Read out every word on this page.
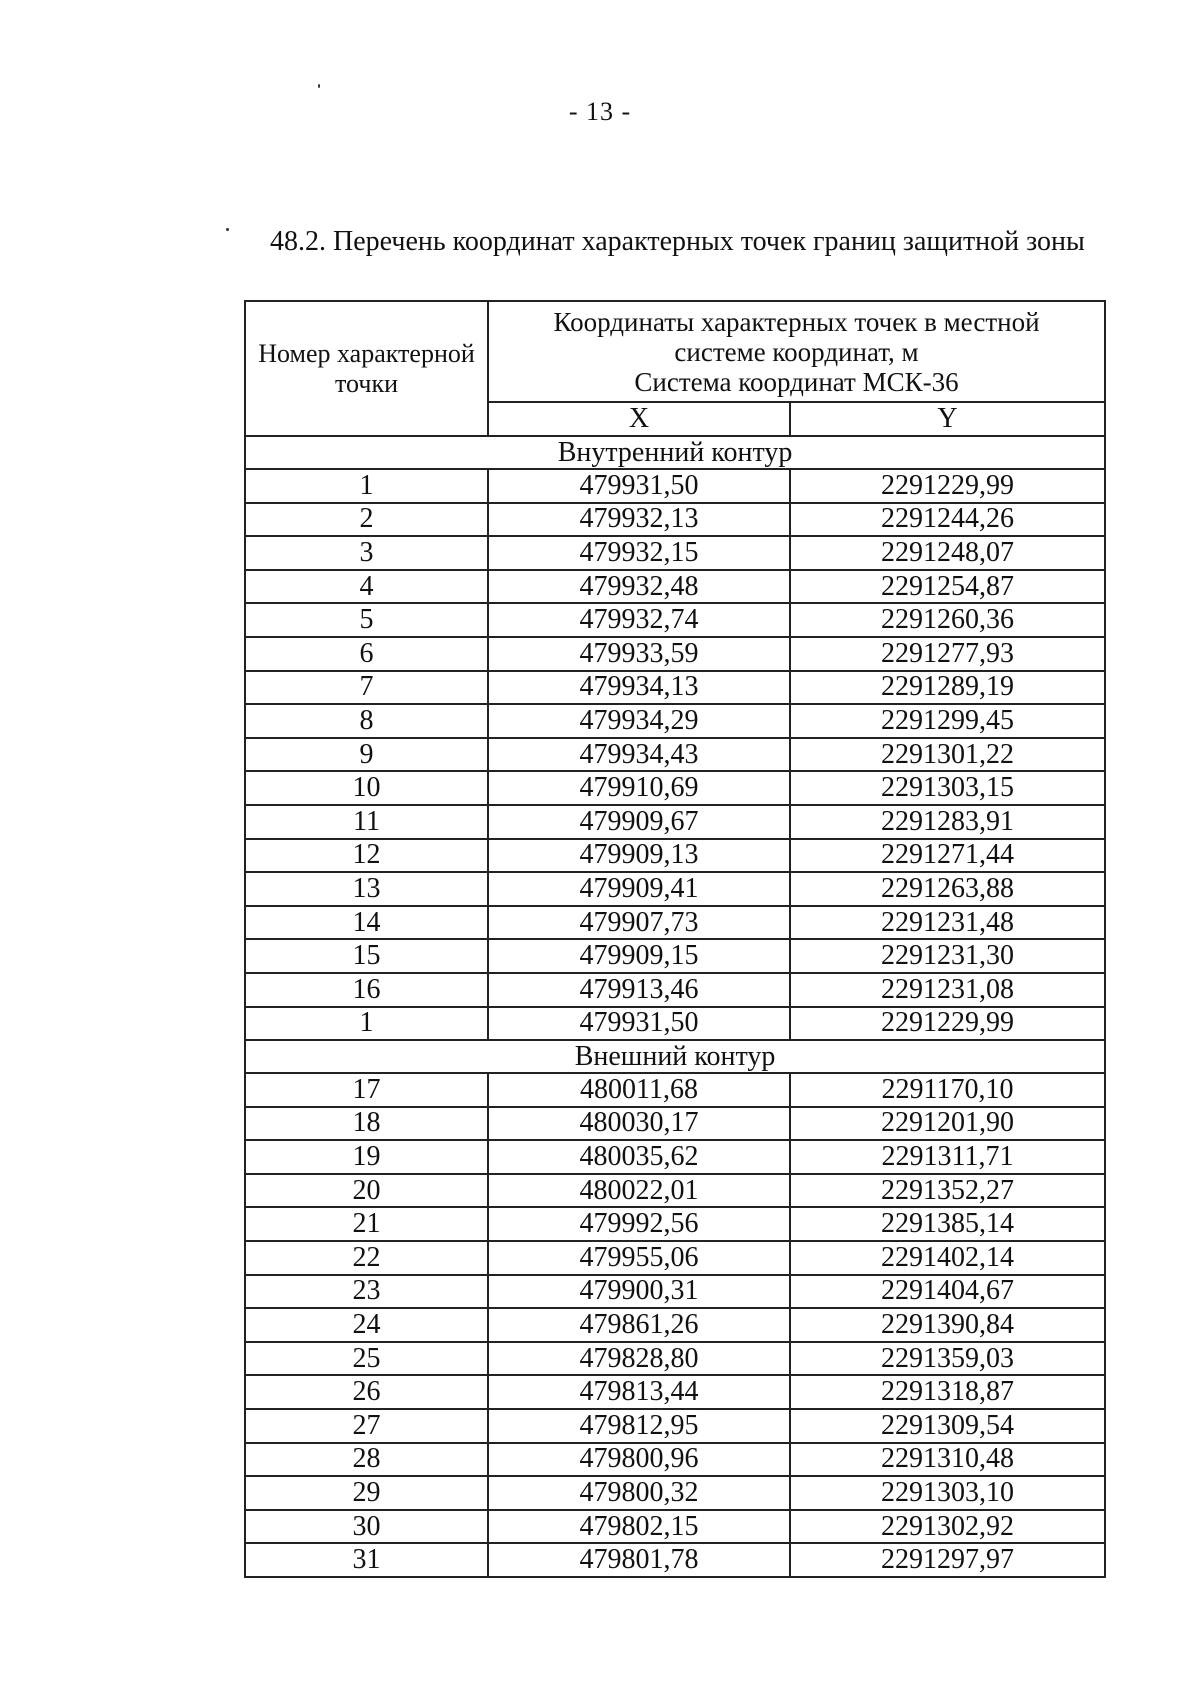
- 13 -
48.2. Перечень координат характерных точек границ защитной зоны
Номер характерной точки	Координаты характерных точек в местной
системе координат, м
Система координат МСК-36	
	X	Y
Внутренний контур		
1	479931,50	2291229,99
2	479932,13	2291244,26
3	479932,15	2291248,07
4	479932,48	2291254,87
5	479932,74	2291260,36
6	479933,59	2291277,93
7	479934,13	2291289,19
8	479934,29	2291299,45
9	479934,43	2291301,22
10	479910,69	2291303,15
11	479909,67	2291283,91
12	479909,13	2291271,44
13	479909,41	2291263,88
14	479907,73	2291231,48
15	479909,15	2291231,30
16	479913,46	2291231,08
1	479931,50	2291229,99
Внешний контур		
17	480011,68	2291170,10
18	480030,17	2291201,90
19	480035,62	2291311,71
20	480022,01	2291352,27
21	479992,56	2291385,14
22	479955,06	2291402,14
23	479900,31	2291404,67
24	479861,26	2291390,84
25	479828,80	2291359,03
26	479813,44	2291318,87
27	479812,95	2291309,54
28	479800,96	2291310,48
29	479800,32	2291303,10
30	479802,15	2291302,92
31	479801,78	2291297,97
